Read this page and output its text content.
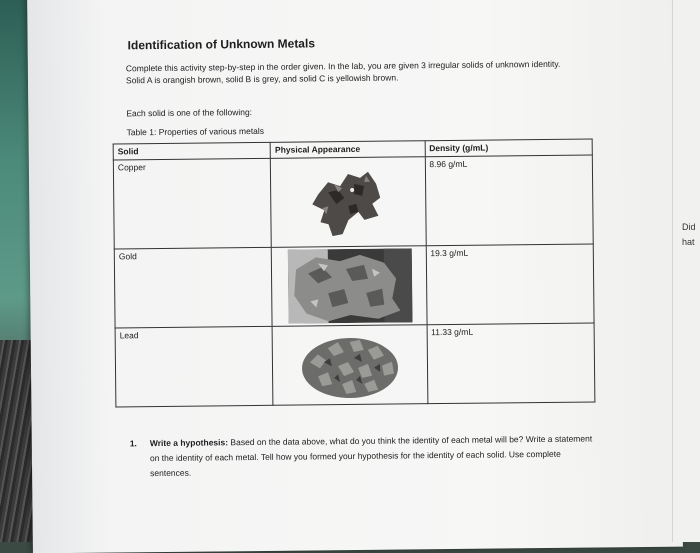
Did
hat
Identification of Unknown Metals
Complete this activity step-by-step in the order given. In the lab, you are given 3 irregular solids of unknown identity. Solid A is orangish brown, solid B is grey, and solid C is yellowish brown.
Each solid is one of the following:
Table 1: Properties of various metals
Solid	Physical Appearance	Density (g/mL)
Copper		8.96 g/mL
Gold		19.3 g/mL
Lead		11.33 g/mL
1. Write a hypothesis: Based on the data above, what do you think the identity of each metal will be? Write a statement on the identity of each metal. Tell how you formed your hypothesis for the identity of each solid. Use complete sentences.
